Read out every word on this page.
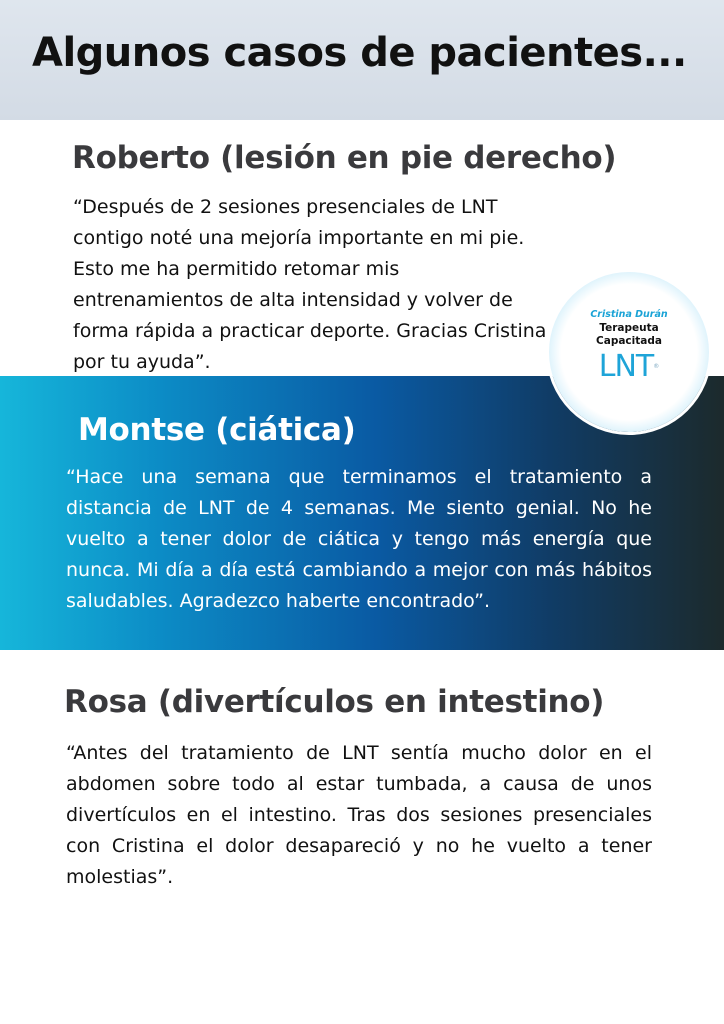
Algunos casos de pacientes...
Roberto (lesión en pie derecho)

“Después de 2 sesiones presenciales de LNT contigo noté una mejoría importante en mi pie. Esto me ha permitido retomar mis entrenamientos de alta intensidad y volver de forma rápida a practicar deporte. Gracias Cristina por tu ayuda”.

Montse (ciática)

“Hace una semana que terminamos el tratamiento a distancia de LNT de 4 semanas. Me siento genial. No he vuelto a tener dolor de ciática y tengo más energía que nunca. Mi día a día está cambiando a mejor con más hábitos saludables. Agradezco haberte encontrado”.

Cristina Durán
Terapeuta
Capacitada
LNT®
Rosa (divertículos en intestino)

“Antes del tratamiento de LNT sentía mucho dolor en el abdomen sobre todo al estar tumbada, a causa de unos divertículos en el intestino. Tras dos sesiones presenciales con Cristina el dolor desapareció y no he vuelto a tener molestias”.
